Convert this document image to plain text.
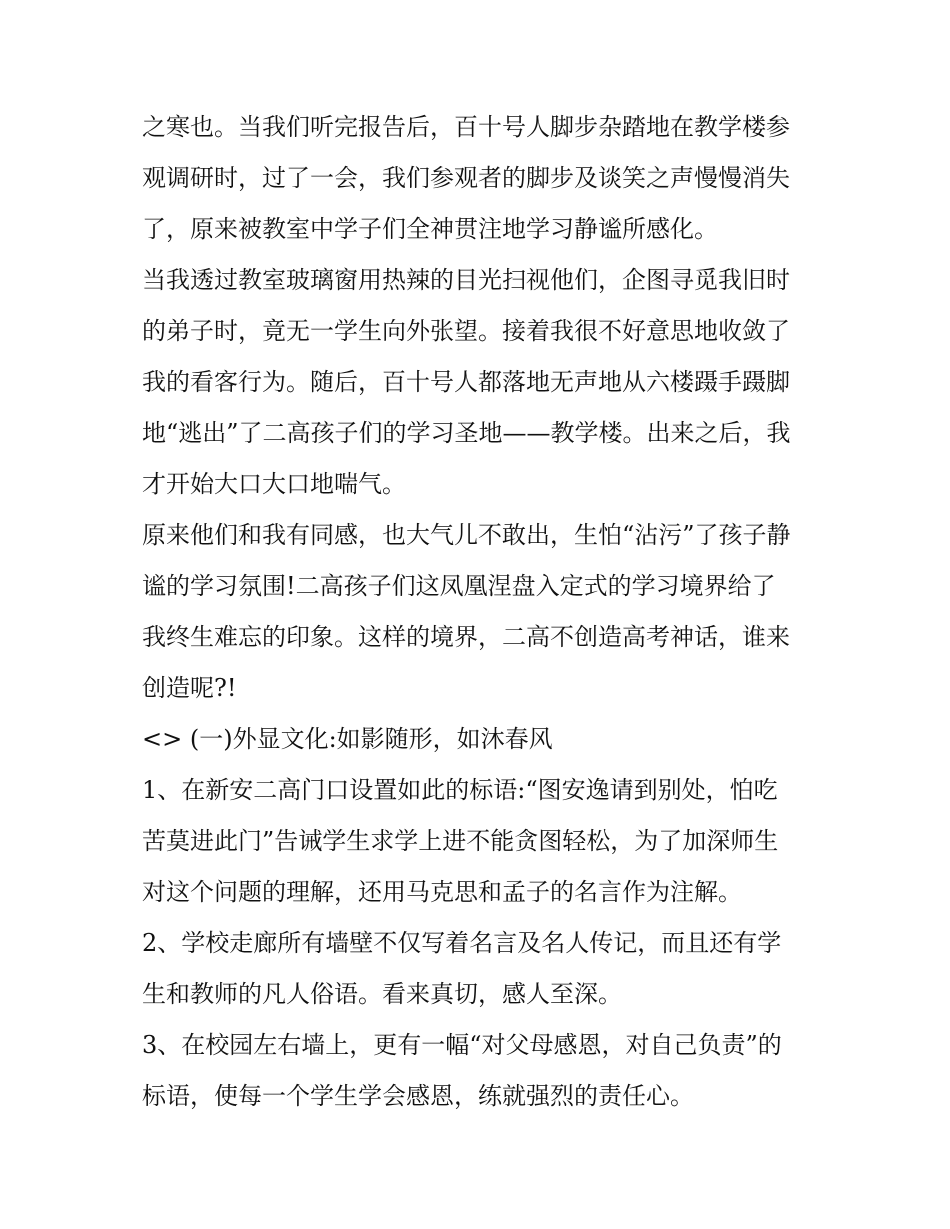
之寒也。当我们听完报告后，百十号人脚步杂踏地在教学楼参
观调研时，过了一会，我们参观者的脚步及谈笑之声慢慢消失
了，原来被教室中学子们全神贯注地学习静谧所感化。
当我透过教室玻璃窗用热辣的目光扫视他们，企图寻觅我旧时
的弟子时，竟无一学生向外张望。接着我很不好意思地收敛了
我的看客行为。随后，百十号人都落地无声地从六楼蹑手蹑脚
地“逃出”了二高孩子们的学习圣地——教学楼。出来之后，我
才开始大口大口地喘气。
原来他们和我有同感，也大气儿不敢出，生怕“沾污”了孩子静
谧的学习氛围!二高孩子们这凤凰涅盘入定式的学习境界给了
我终生难忘的印象。这样的境界，二高不创造高考神话，谁来
创造呢?!
<> (一)外显文化:如影随形，如沐春风
1、在新安二高门口设置如此的标语:“图安逸请到别处，怕吃
苦莫进此门”告诫学生求学上进不能贪图轻松，为了加深师生
对这个问题的理解，还用马克思和孟子的名言作为注解。
2、学校走廊所有墙壁不仅写着名言及名人传记，而且还有学
生和教师的凡人俗语。看来真切，感人至深。
3、在校园左右墙上，更有一幅“对父母感恩，对自己负责”的
标语，使每一个学生学会感恩，练就强烈的责任心。
